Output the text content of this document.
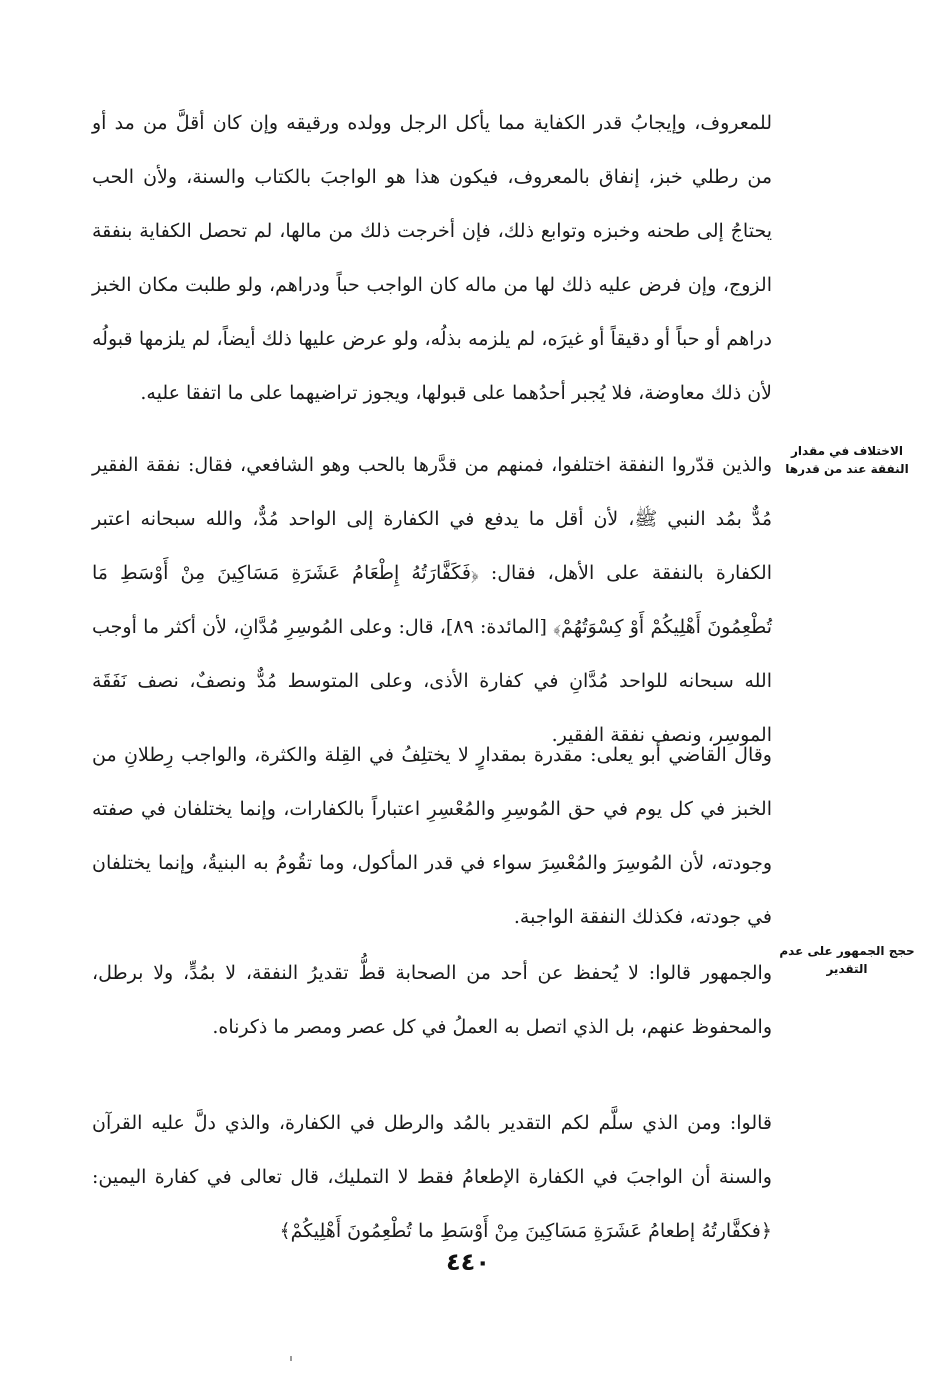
الاختلاف في مقدار النفقة عند من قدرها
حجج الجمهور على عدم التقدير

للمعروف، وإيجابُ قدر الكفاية مما يأكل الرجل وولده ورقيقه وإن كان أقلَّ من مد أو من رطلي خبز، إنفاق بالمعروف، فيكون هذا هو الواجبَ بالكتاب والسنة، ولأن الحب يحتاجُ إلى طحنه وخبزه وتوابع ذلك، فإن أخرجت ذلك من مالها، لم تحصل الكفاية بنفقة الزوج، وإن فرض عليه ذلك لها من ماله كان الواجب حباً ودراهم، ولو طلبت مكان الخبز دراهم أو حباً أو دقيقاً أو غيرَه، لم يلزمه بذلُه، ولو عرض عليها ذلك أيضاً، لم يلزمها قبولُه لأن ذلك معاوضة، فلا يُجبر أحدُهما على قبولها، ويجوز تراضيهما على ما اتفقا عليه.

والذين قدّروا النفقة اختلفوا، فمنهم من قدَّرها بالحب وهو الشافعي، فقال: نفقة الفقير مُدٌّ بمُد النبي ﷺ، لأن أقل ما يدفع في الكفارة إلى الواحد مُدٌّ، والله سبحانه اعتبر الكفارة بالنفقة على الأهل، فقال: ﴿فَكَفَّارَتُهُ إِطْعَامُ عَشَرَةِ مَسَاكِينَ مِنْ أَوْسَطِ مَا تُطْعِمُونَ أَهْلِيكُمْ أَوْ كِسْوَتُهُمْ﴾ [المائدة: ٨٩]، قال: وعلى المُوسِرِ مُدَّانِ، لأن أكثر ما أوجب الله سبحانه للواحد مُدَّانِ في كفارة الأذى، وعلى المتوسط مُدٌّ ونصفٌ، نصف نَفَقَة الموسِر، ونصف نفقة الفقير.

وقال القاضي أبو يعلى: مقدرة بمقدارٍ لا يختلِفُ في القِلة والكثرة، والواجب رِطلانِ من الخبز في كل يوم في حق المُوسِرِ والمُعْسِرِ اعتباراً بالكفارات، وإنما يختلفان في صفته وجودته، لأن المُوسِرَ والمُعْسِرَ سواء في قدر المأكول، وما تقُومُ به البنيةُ، وإنما يختلفان في جودته، فكذلك النفقة الواجبة.

والجمهور قالوا: لا يُحفظ عن أحد من الصحابة قطُّ تقديرُ النفقة، لا بمُدٍّ، ولا برطل، والمحفوظ عنهم، بل الذي اتصل به العملُ في كل عصر ومصر ما ذكرناه.

قالوا: ومن الذي سلَّم لكم التقدير بالمُد والرطل في الكفارة، والذي دلَّ عليه القرآن والسنة أن الواجبَ في الكفارة الإطعامُ فقط لا التمليك، قال تعالى في كفارة اليمين: ﴿فكفَّارتُهُ إطعامُ عَشَرَةِ مَسَاكِينَ مِنْ أَوْسَطِ ما تُطْعِمُونَ أَهْلِيكُمْ﴾

٤٤٠
